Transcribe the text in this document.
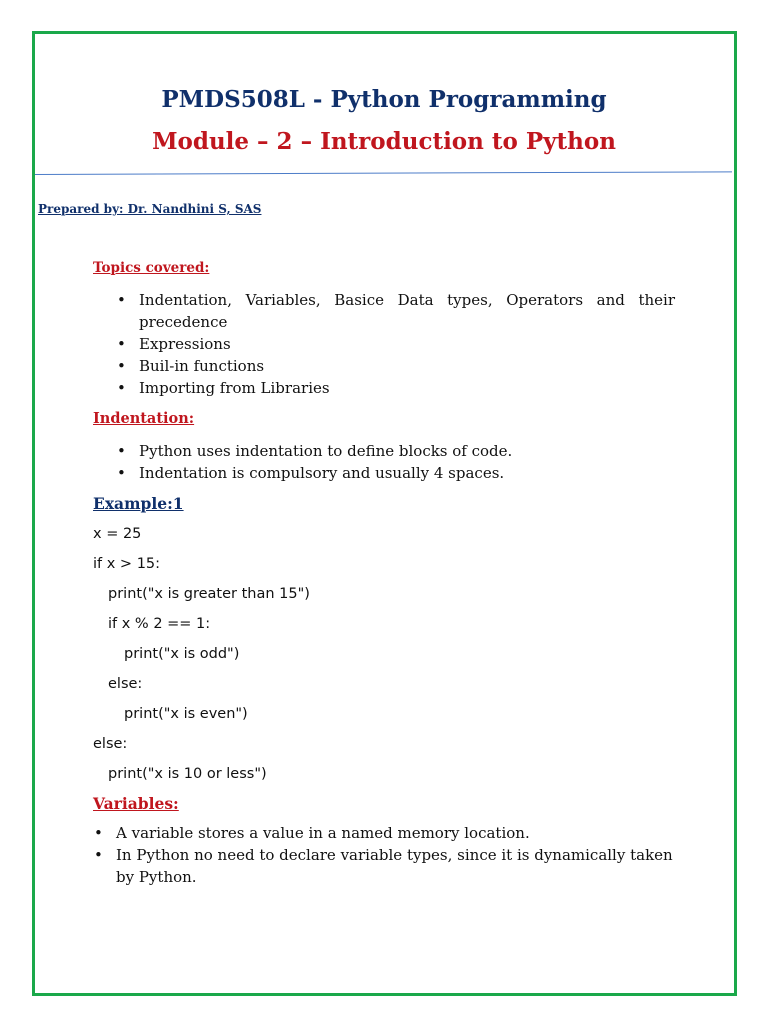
PMDS508L - Python Programming
Module – 2 – Introduction to Python
Prepared by: Dr. Nandhini S, SAS
Topics covered:
• Indentation, Variables, Basice Data types, Operators and their precedence
• Expressions
• Buil-in functions
• Importing from Libraries
Indentation:
• Python uses indentation to define blocks of code.
• Indentation is compulsory and usually 4 spaces.
Example:1
x = 25
if x > 15:
print("x is greater than 15")
if x % 2 == 1:
print("x is odd")
else:
print("x is even")
else:
print("x is 10 or less")
Variables:
• A variable stores a value in a named memory location.
• In Python no need to declare variable types, since it is dynamically taken by Python.
